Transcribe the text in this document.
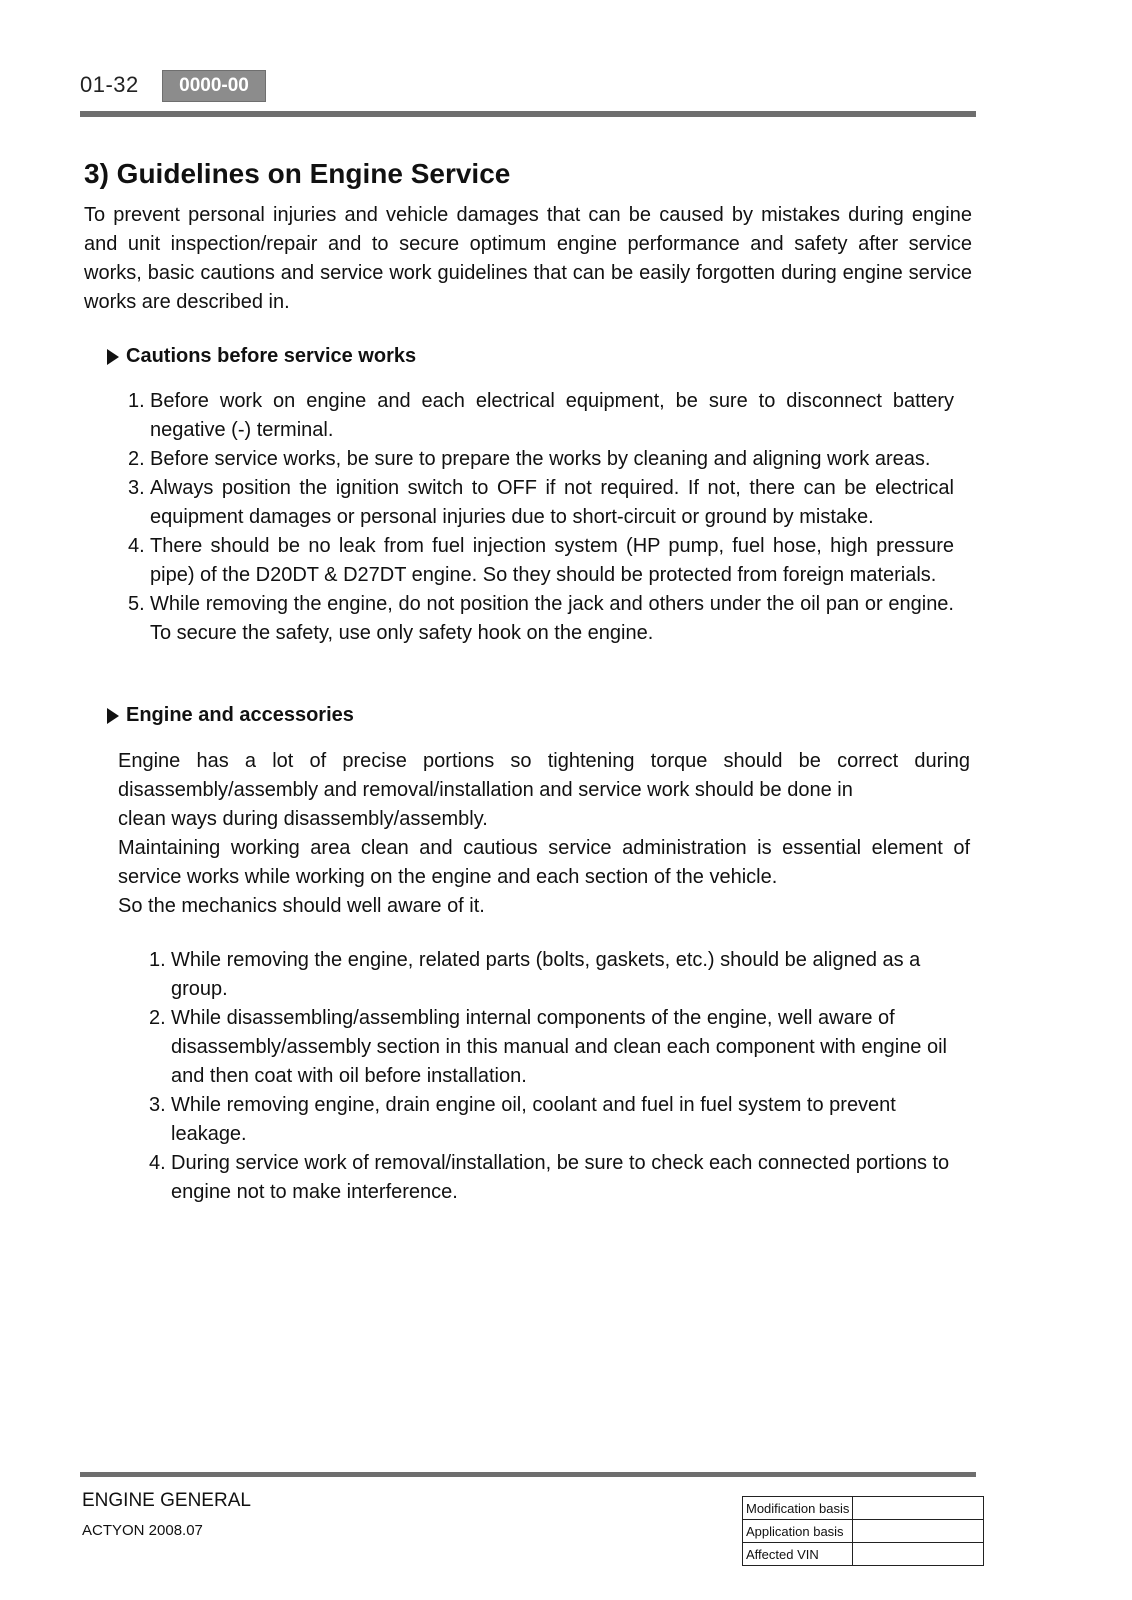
01-32	0000-00
3) Guidelines on Engine Service

To prevent personal injuries and vehicle damages that can be caused by mistakes during engine and unit inspection/repair and to secure optimum engine performance and safety after service works, basic cautions and service work guidelines that can be easily forgotten during engine service works are described in.

Cautions before service works
1. Before work on engine and each electrical equipment, be sure to disconnect battery negative (-) terminal.
2. Before service works, be sure to prepare the works by cleaning and aligning work areas.
3. Always position the ignition switch to OFF if not required. If not, there can be electrical equipment damages or personal injuries due to short-circuit or ground by mistake.
4. There should be no leak from fuel injection system (HP pump, fuel hose, high pressure pipe) of the D20DT & D27DT engine. So they should be protected from foreign materials.
5. While removing the engine, do not position the jack and others under the oil pan or engine. To secure the safety, use only safety hook on the engine.
Engine and accessories

Engine has a lot of precise portions so tightening torque should be correct during disassembly/assembly and removal/installation and service work should be done in

clean ways during disassembly/assembly.

Maintaining working area clean and cautious service administration is essential element of service works while working on the engine and each section of the vehicle.

So the mechanics should well aware of it.

1. While removing the engine, related parts (bolts, gaskets, etc.) should be aligned as a group.
2. While disassembling/assembling internal components of the engine, well aware of disassembly/assembly section in this manual and clean each component with engine oil and then coat with oil before installation.
3. While removing engine, drain engine oil, coolant and fuel in fuel system to prevent leakage.
4. During service work of removal/installation, be sure to check each connected portions to engine not to make interference.
ENGINE GENERAL
ACTYON 2008.07
Modification basis	
Application basis	
Affected VIN	
